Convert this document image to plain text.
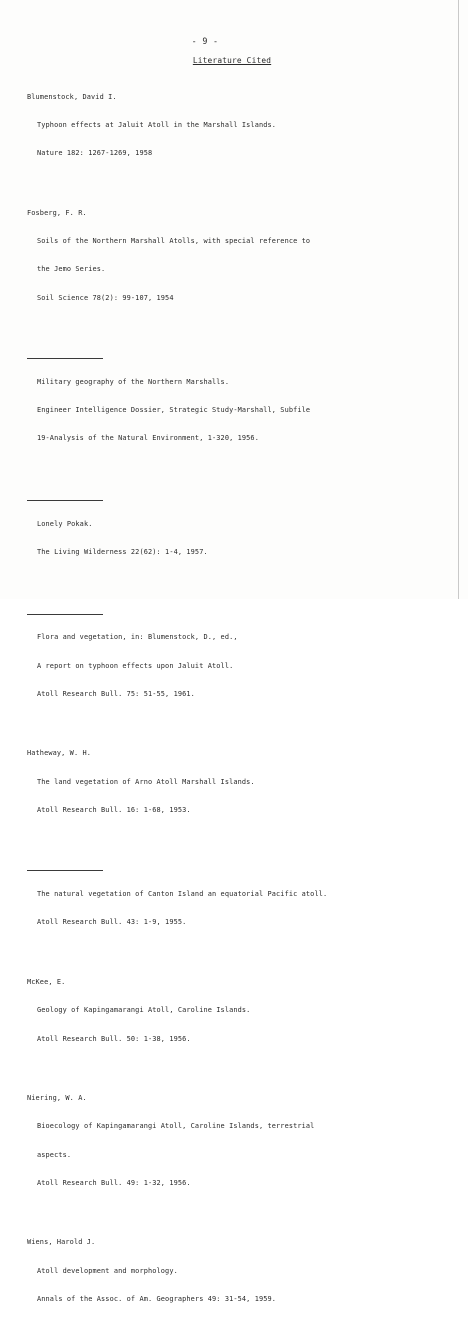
- 9 -
Literature Cited

Blumenstock, David I.

Typhoon effects at Jaluit Atoll in the Marshall Islands.

Nature 182: 1267-1269, 1958

Fosberg, F. R.

Soils of the Northern Marshall Atolls, with special reference to

the Jemo Series.

Soil Science 78(2): 99-107, 1954

Military geography of the Northern Marshalls.

Engineer Intelligence Dossier, Strategic Study-Marshall, Subfile

19-Analysis of the Natural Environment, 1-320, 1956.

Lonely Pokak.

The Living Wilderness 22(62): 1-4, 1957.

Flora and vegetation, in: Blumenstock, D., ed.,

A report on typhoon effects upon Jaluit Atoll.

Atoll Research Bull. 75: 51-55, 1961.

Hatheway, W. H.

The land vegetation of Arno Atoll Marshall Islands.

Atoll Research Bull. 16: 1-68, 1953.

The natural vegetation of Canton Island an equatorial Pacific atoll.

Atoll Research Bull. 43: 1-9, 1955.

McKee, E.

Geology of Kapingamarangi Atoll, Caroline Islands.

Atoll Research Bull. 50: 1-38, 1956.

Niering, W. A.

Bioecology of Kapingamarangi Atoll, Caroline Islands, terrestrial

aspects.

Atoll Research Bull. 49: 1-32, 1956.

Wiens, Harold J.

Atoll development and morphology.

Annals of the Assoc. of Am. Geographers 49: 31-54, 1959.
